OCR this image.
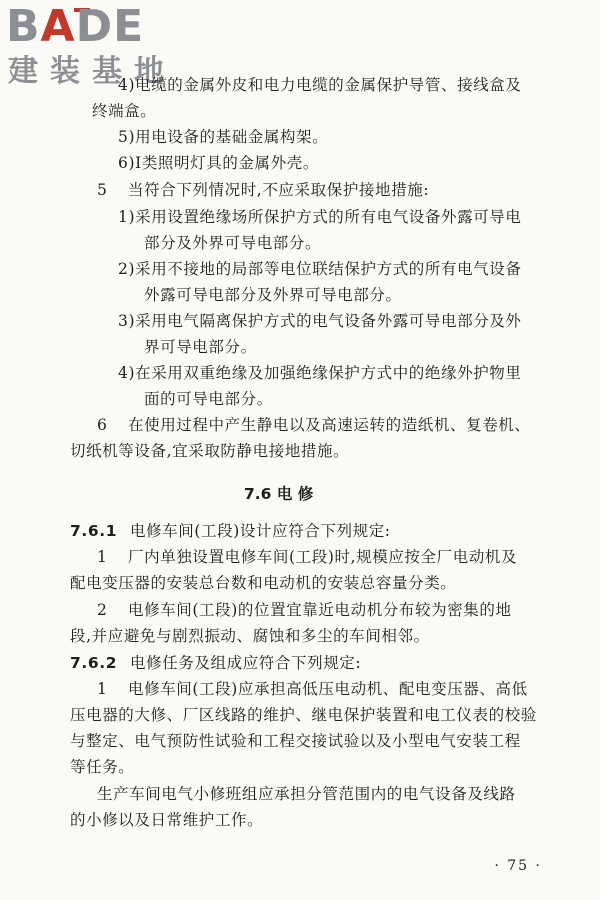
BADE
建装基地
4)电缆的金属外皮和电力电缆的金属保护导管、接线盒及
终端盒。
5)用电设备的基础金属构架。
6)Ⅰ类照明灯具的金属外壳。
5 当符合下列情况时,不应采取保护接地措施:
1)采用设置绝缘场所保护方式的所有电气设备外露可导电
部分及外界可导电部分。
2)采用不接地的局部等电位联结保护方式的所有电气设备
外露可导电部分及外界可导电部分。
3)采用电气隔离保护方式的电气设备外露可导电部分及外
界可导电部分。
4)在采用双重绝缘及加强绝缘保护方式中的绝缘外护物里
面的可导电部分。
6 在使用过程中产生静电以及高速运转的造纸机、复卷机、
切纸机等设备,宜采取防静电接地措施。
7.6 电 修
7.6.1 电修车间(工段)设计应符合下列规定:
1 厂内单独设置电修车间(工段)时,规模应按全厂电动机及
配电变压器的安装总台数和电动机的安装总容量分类。
2 电修车间(工段)的位置宜靠近电动机分布较为密集的地
段,并应避免与剧烈振动、腐蚀和多尘的车间相邻。
7.6.2 电修任务及组成应符合下列规定:
1 电修车间(工段)应承担高低压电动机、配电变压器、高低
压电器的大修、厂区线路的维护、继电保护装置和电工仪表的校验
与整定、电气预防性试验和工程交接试验以及小型电气安装工程
等任务。
生产车间电气小修班组应承担分管范围内的电气设备及线路
的小修以及日常维护工作。
· 75 ·
